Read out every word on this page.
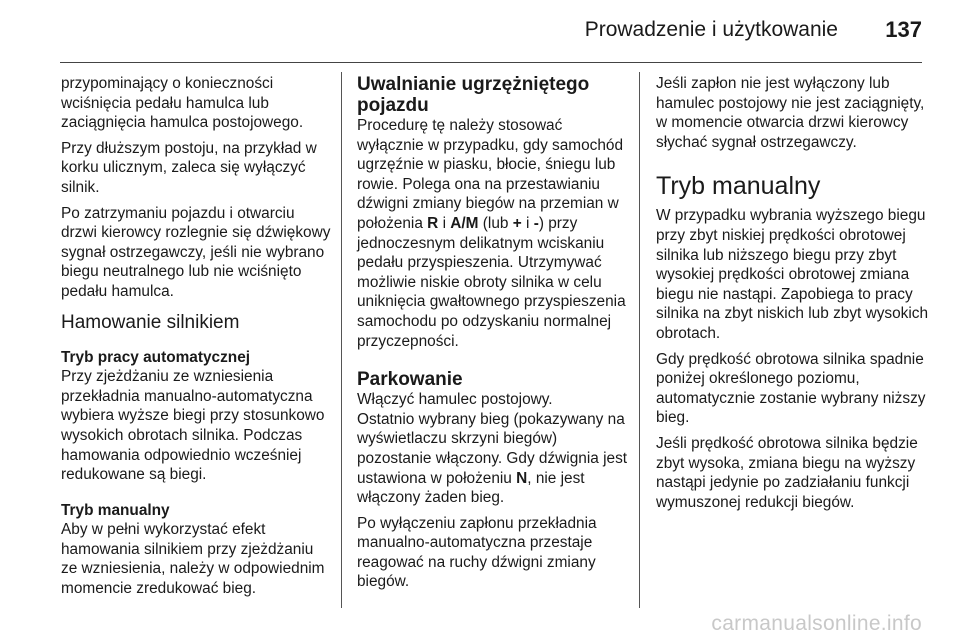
Prowadzenie i użytkowanie 137

przypominający o konieczności wciśnięcia pedału hamulca lub zaciągnięcia hamulca postojowego.

Przy dłuższym postoju, na przykład w korku ulicznym, zaleca się wyłączyć silnik.

Po zatrzymaniu pojazdu i otwarciu drzwi kierowcy rozlegnie się dźwiękowy sygnał ostrzegawczy, jeśli nie wybrano biegu neutralnego lub nie wciśnięto pedału hamulca.

Hamowanie silnikiem

Tryb pracy automatycznej

Przy zjeżdżaniu ze wzniesienia przekładnia manualno-automatyczna wybiera wyższe biegi przy stosunkowo wysokich obrotach silnika. Podczas hamowania odpowiednio wcześniej redukowane są biegi.

Tryb manualny

Aby w pełni wykorzystać efekt hamowania silnikiem przy zjeżdżaniu ze wzniesienia, należy w odpowiednim momencie zredukować bieg.

Uwalnianie ugrzężniętego pojazdu

Procedurę tę należy stosować wyłącznie w przypadku, gdy samochód ugrzęźnie w piasku, błocie, śniegu lub rowie. Polega ona na przestawianiu dźwigni zmiany biegów na przemian w położenia R i A/M (lub + i -) przy jednoczesnym delikatnym wciskaniu pedału przyspieszenia. Utrzymywać możliwie niskie obroty silnika w celu uniknięcia gwałtownego przyspieszenia samochodu po odzyskaniu normalnej przyczepności.

Parkowanie

Włączyć hamulec postojowy.

Ostatnio wybrany bieg (pokazywany na wyświetlaczu skrzyni biegów) pozostanie włączony. Gdy dźwignia jest ustawiona w położeniu N, nie jest włączony żaden bieg.

Po wyłączeniu zapłonu przekładnia manualno-automatyczna przestaje reagować na ruchy dźwigni zmiany biegów.

Jeśli zapłon nie jest wyłączony lub hamulec postojowy nie jest zaciągnięty, w momencie otwarcia drzwi kierowcy słychać sygnał ostrzegawczy.

Tryb manualny

W przypadku wybrania wyższego biegu przy zbyt niskiej prędkości obrotowej silnika lub niższego biegu przy zbyt wysokiej prędkości obrotowej zmiana biegu nie nastąpi. Zapobiega to pracy silnika na zbyt niskich lub zbyt wysokich obrotach.

Gdy prędkość obrotowa silnika spadnie poniżej określonego poziomu, automatycznie zostanie wybrany niższy bieg.

Jeśli prędkość obrotowa silnika będzie zbyt wysoka, zmiana biegu na wyższy nastąpi jedynie po zadziałaniu funkcji wymuszonej redukcji biegów.

carmanualsonline.info
